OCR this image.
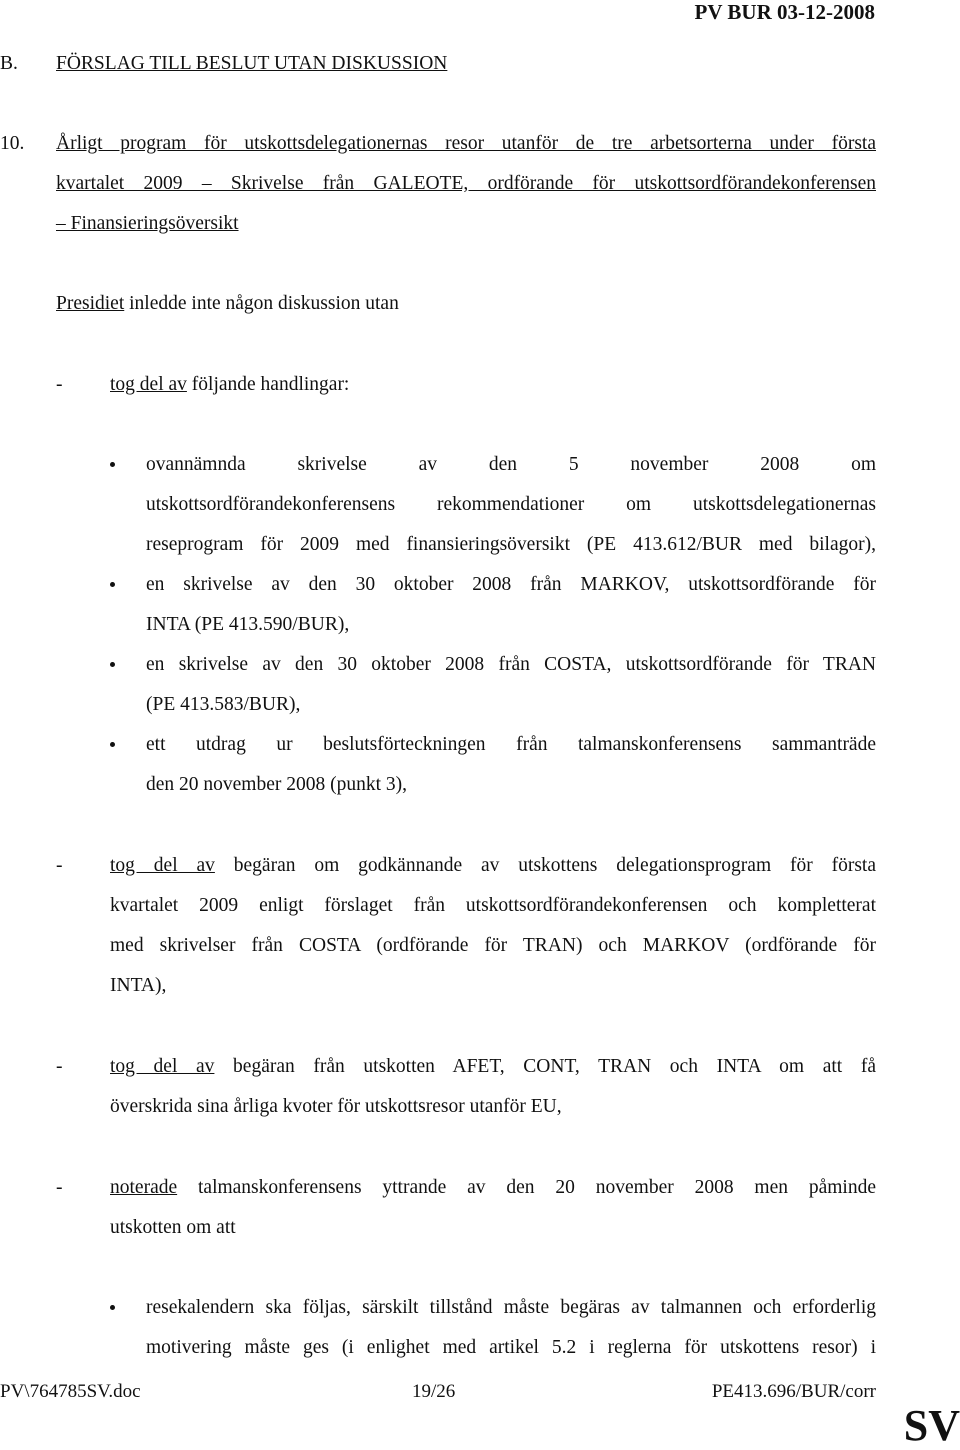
PV BUR 03-12-2008
B. FÖRSLAG TILL BESLUT UTAN DISKUSSION
10. Årligt program för utskottsdelegationernas resor utanför de tre arbetsorterna under första
kvartalet 2009 – Skrivelse från GALEOTE, ordförande för utskottsordförandekonferensen
– Finansieringsöversikt
Presidiet inledde inte någon diskussion utan
- tog del av följande handlingar:
ovannämnda skrivelse av den 5 november 2008 om
utskottsordförandekonferensens rekommendationer om utskottsdelegationernas
reseprogram för 2009 med finansieringsöversikt (PE 413.612/BUR med bilagor),
en skrivelse av den 30 oktober 2008 från MARKOV, utskottsordförande för
INTA (PE 413.590/BUR),
en skrivelse av den 30 oktober 2008 från COSTA, utskottsordförande för TRAN
(PE 413.583/BUR),
ett utdrag ur beslutsförteckningen från talmanskonferensens sammanträde
den 20 november 2008 (punkt 3),
- tog del av begäran om godkännande av utskottens delegationsprogram för första
kvartalet 2009 enligt förslaget från utskottsordförandekonferensen och kompletterat
med skrivelser från COSTA (ordförande för TRAN) och MARKOV (ordförande för
INTA),
- tog del av begäran från utskotten AFET, CONT, TRAN och INTA om att få
överskrida sina årliga kvoter för utskottsresor utanför EU,
- noterade talmanskonferensens yttrande av den 20 november 2008 men påminde
utskotten om att
resekalendern ska följas, särskilt tillstånd måste begäras av talmannen och erforderlig
motivering måste ges (i enlighet med artikel 5.2 i reglerna för utskottens resor) i
PV\764785SV.doc	19/26	PE413.696/BUR/corr
SV
